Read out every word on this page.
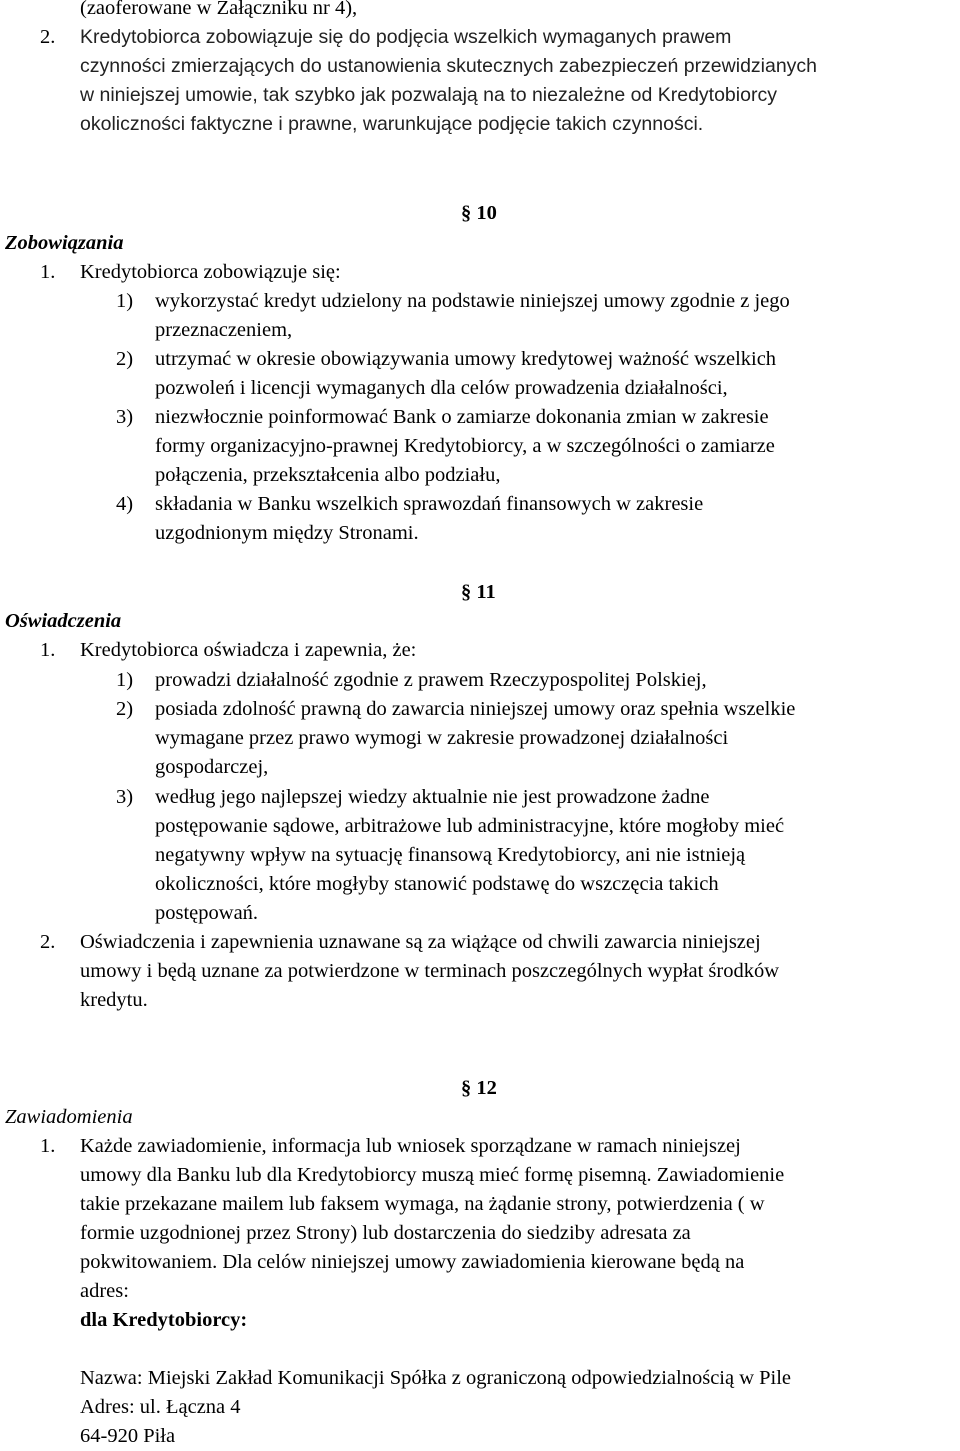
(zaoferowane w Załączniku nr 4),
2. Kredytobiorca zobowiązuje się do podjęcia wszelkich wymaganych prawem
czynności zmierzających do ustanowienia skutecznych zabezpieczeń przewidzianych
w niniejszej umowie, tak szybko jak pozwalają na to niezależne od Kredytobiorcy
okoliczności faktyczne i prawne, warunkujące podjęcie takich czynności.
§ 10
Zobowiązania
1. Kredytobiorca zobowiązuje się:
1) wykorzystać kredyt udzielony na podstawie niniejszej umowy zgodnie z jego
przeznaczeniem,
2) utrzymać w okresie obowiązywania umowy kredytowej ważność wszelkich
pozwoleń i licencji wymaganych dla celów prowadzenia działalności,
3) niezwłocznie poinformować Bank o zamiarze dokonania zmian w zakresie
formy organizacyjno-prawnej Kredytobiorcy, a w szczególności o zamiarze
połączenia, przekształcenia albo podziału,
4) składania w Banku wszelkich sprawozdań finansowych w zakresie
uzgodnionym między Stronami.
§ 11
Oświadczenia
1. Kredytobiorca oświadcza i zapewnia, że:
1) prowadzi działalność zgodnie z prawem Rzeczypospolitej Polskiej,
2) posiada zdolność prawną do zawarcia niniejszej umowy oraz spełnia wszelkie
wymagane przez prawo wymogi w zakresie prowadzonej działalności
gospodarczej,
3) według jego najlepszej wiedzy aktualnie nie jest prowadzone żadne
postępowanie sądowe, arbitrażowe lub administracyjne, które mogłoby mieć
negatywny wpływ na sytuację finansową Kredytobiorcy, ani nie istnieją
okoliczności, które mogłyby stanowić podstawę do wszczęcia takich
postępowań.
2. Oświadczenia i zapewnienia uznawane są za wiążące od chwili zawarcia niniejszej
umowy i będą uznane za potwierdzone w terminach poszczególnych wypłat środków
kredytu.
§ 12
Zawiadomienia
1. Każde zawiadomienie, informacja lub wniosek sporządzane w ramach niniejszej
umowy dla Banku lub dla Kredytobiorcy muszą mieć formę pisemną. Zawiadomienie
takie przekazane mailem lub faksem wymaga, na żądanie strony, potwierdzenia ( w
formie uzgodnionej przez Strony) lub dostarczenia do siedziby adresata za
pokwitowaniem. Dla celów niniejszej umowy zawiadomienia kierowane będą na
adres:
dla Kredytobiorcy:
Nazwa: Miejski Zakład Komunikacji Spółka z ograniczoną odpowiedzialnością w Pile
Adres: ul. Łączna 4
64-920 Piła
